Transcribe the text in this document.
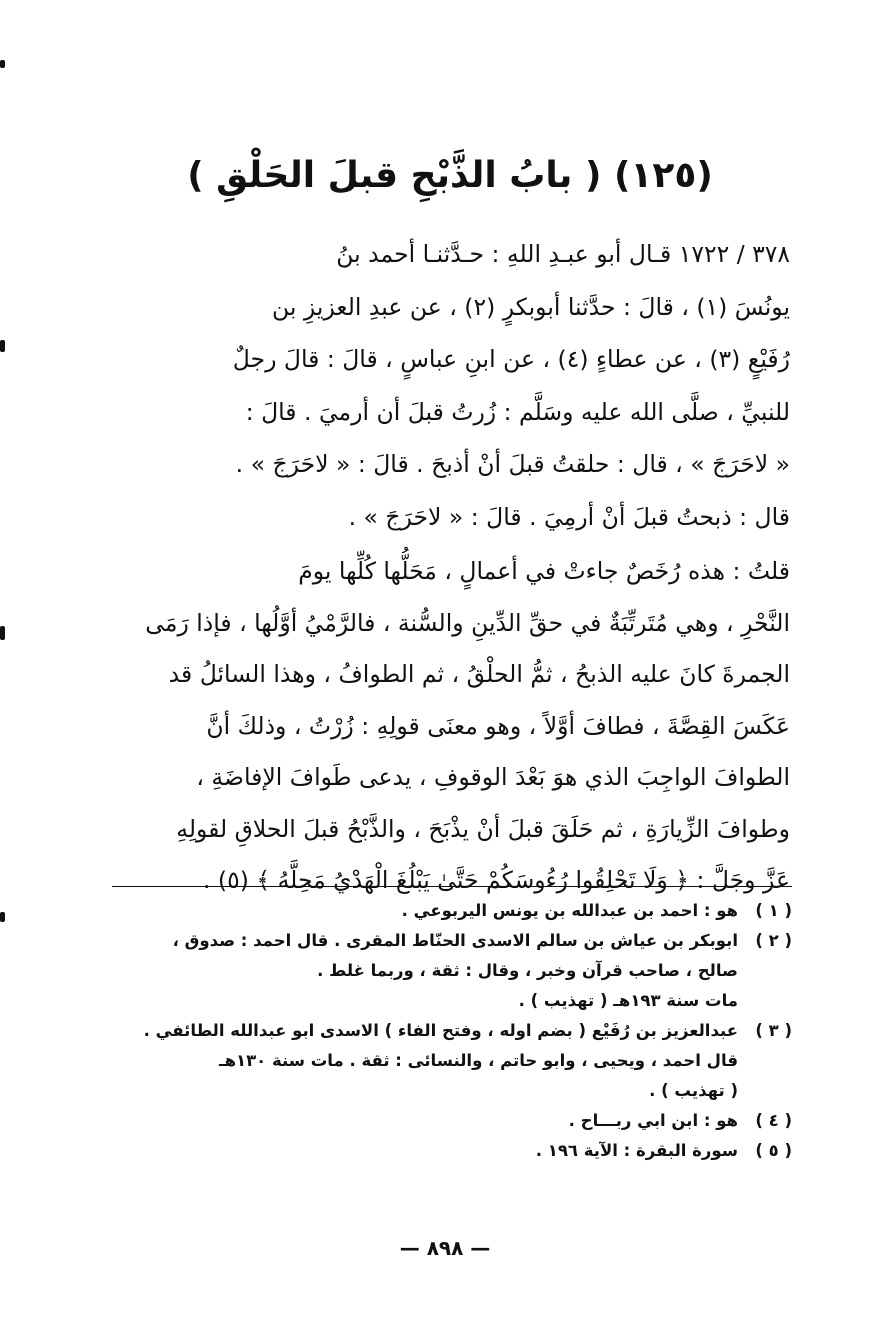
(١٢٥) ( بابُ الذَّبْحِ قبلَ الحَلْقِ )
٣٧٨ / ١٧٢٢ قـال أبو عبـدِ اللهِ : حـدَّثنـا أحمد بنُ
يونُسَ (١) ، قالَ : حدَّثنا أبوبكرٍ (٢) ، عن عبدِ العزيزِ بن
رُفَيْعٍ (٣) ، عن عطاءٍ (٤) ، عن ابنِ عباسٍ ، قالَ : قالَ رجلٌ
للنبيِّ ، صلَّى الله عليه وسَلَّم : زُرتُ قبلَ أن أرميَ . قالَ :
« لاحَرَجَ » ، قال : حلقتُ قبلَ أنْ أذبحَ . قالَ : « لاحَرَجَ » .
قال : ذبحتُ قبلَ أنْ أرمِيَ . قالَ : « لاحَرَجَ » .
قلتُ : هذه رُخَصٌ جاءتْ في أعمالٍ ، مَحَلُّها كُلِّها يومَ
النَّحْرِ ، وهي مُتَرتِّبَةٌ في حقِّ الدِّينِ والسُّنة ، فالرَّمْيُ أوَّلُها ، فإذا رَمَى
الجمرةَ كانَ عليه الذبحُ ، ثمُّ الحلْقُ ، ثم الطوافُ ، وهذا السائلُ قد
عَكَسَ القِصَّةَ ، فطافَ أوَّلاً ، وهو معنَى قولِهِ : زُرْتُ ، وذلكَ أنَّ
الطوافَ الواجِبَ الذي هوَ بَعْدَ الوقوفِ ، يدعى طَوافَ الإفاضَةِ ،
وطوافَ الزِّيارَةِ ، ثم حَلَقَ قبلَ أنْ يذْبَحَ ، والذَّبْحُ قبلَ الحلاقِ لقولِهِ
عَزَّ وجَلَّ : ﴿ وَلَا تَحْلِقُوا رُءُوسَكُمْ حَتَّىٰ يَبْلُغَ الْهَدْيُ مَحِلَّهُ ﴾ (٥) .
( ١ )
هو : احمد بن عبدالله بن يونس اليربوعي .
( ٢ )
ابوبكر بن عياش بن سالم الاسدى الحنّاط المقرى . قال احمد : صدوق ،
صالح ، صاحب قرآن وخبر ، وقال : ثقة ، وربما غلط .
مات سنة ١٩٣هـ ( تهذيب ) .
( ٣ )
عبدالعزيز بن رُفَيْع ( بضم اوله ، وفتح الفاء ) الاسدى ابو عبدالله الطائفي .
قال احمد ، ويحيى ، وابو حاتم ، والنسائى : ثقة . مات سنة ١٣٠هـ
( تهذيب ) .
( ٤ )
هو : ابن ابي ربـــاح .
( ٥ )
سورة البقرة : الآية ١٩٦ .
— ٨٩٨ —
